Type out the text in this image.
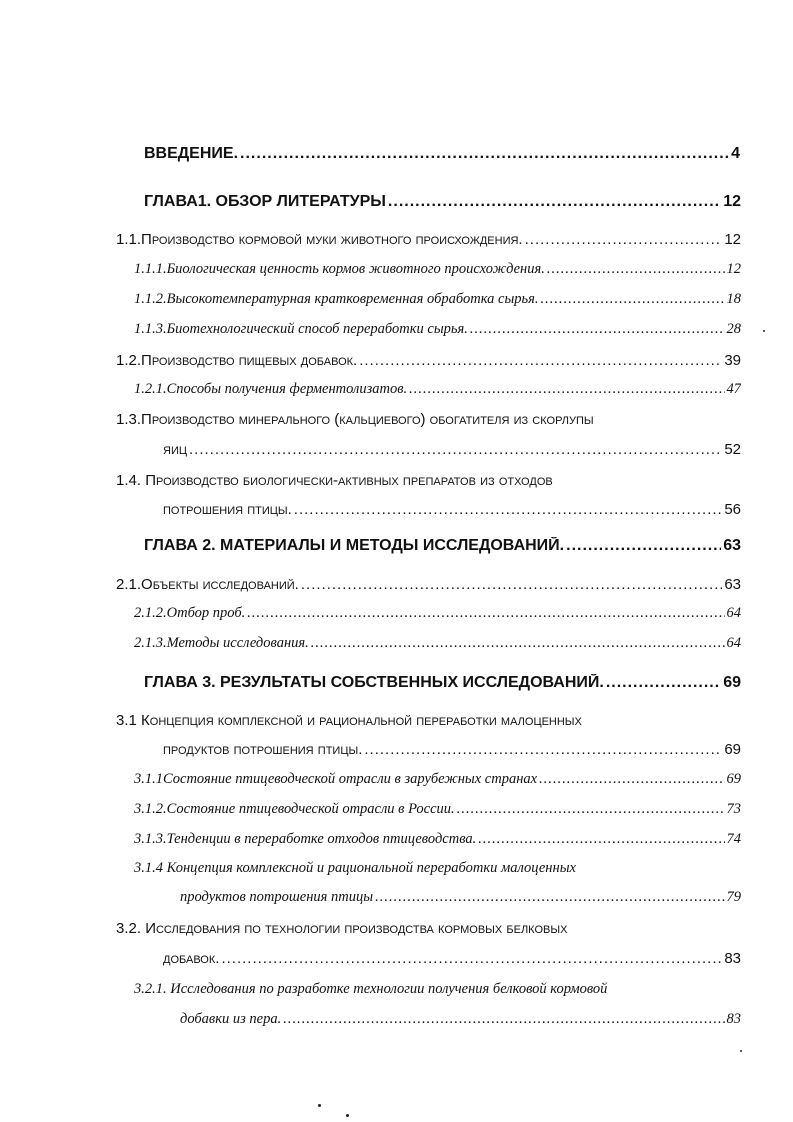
ВВЕДЕНИЕ. .....	4
ГЛАВА1. ОБЗОР ЛИТЕРАТУРЫ .....	12
1.1. Производство кормовой муки животного происхождения. .....	12
1.1.1. Биологическая ценность кормов животного происхождения. .....	12
1.1.2. Высокотемпературная кратковременная обработка сырья. .....	18
1.1.3. Биотехнологический способ переработки сырья. .....	28
1.2. Производство пищевых добавок. .....	39
1.2.1. Способы получения ферментолизатов. .....	47
1.3.Производство минерального (кальциевого) обогатителя из скорлупы
яиц .....	52
1.4. Производство биологически-активных препаратов из отходов
потрошения птицы. .....	56
ГЛАВА 2. МАТЕРИАЛЫ И МЕТОДЫ ИССЛЕДОВАНИЙ. .....	63
2.1. Объекты исследований. .....	63
2.1.2. Отбор проб. .....	64
2.1.3. Методы исследования. .....	64
ГЛАВА 3. РЕЗУЛЬТАТЫ СОБСТВЕННЫХ ИССЛЕДОВАНИЙ. .....	69
3.1 Концепция комплексной и рациональной переработки малоценных
продуктов потрошения птицы. .....	69
3.1.1 Состояние птицеводческой отрасли в зарубежных странах .....	69
3.1.2. Состояние птицеводческой отрасли в России. .....	73
3.1.3. Тенденции в переработке отходов птицеводства. .....	74
3.1.4 Концепция комплексной и рациональной переработки малоценных
продуктов потрошения птицы .....	79
3.2. Исследования по технологии производства кормовых белковых
добавок. .....	83
3.2.1. Исследования по разработке технологии получения белковой кормовой
добавки из пера. .....	83
